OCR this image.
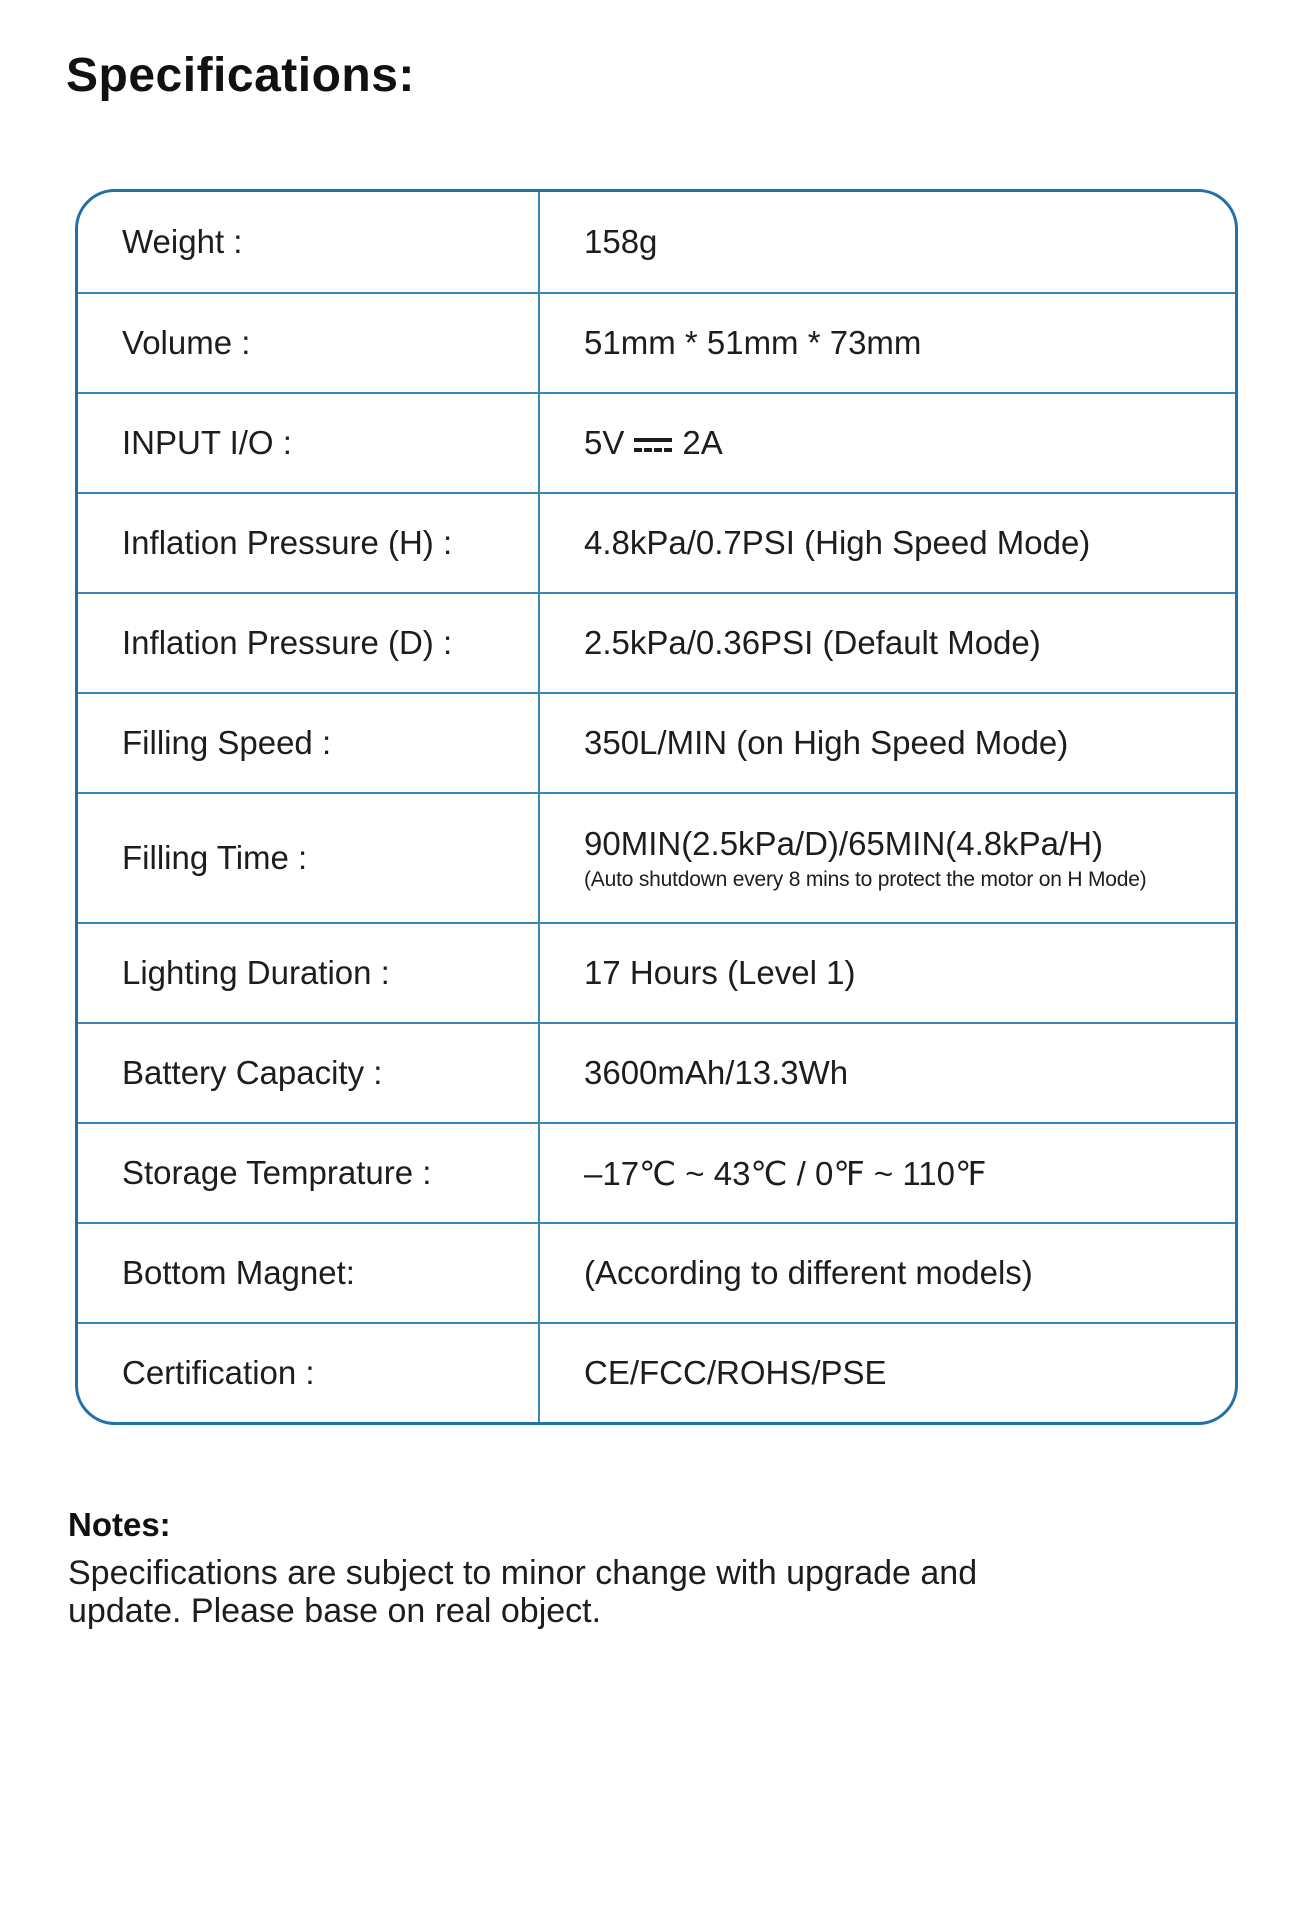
Specifications:
Weight :	158g
Volume :	51mm * 51mm * 73mm
INPUT I/O :	5V 2A
Inflation Pressure (H) :	4.8kPa/0.7PSI (High Speed Mode)
Inflation Pressure (D) :	2.5kPa/0.36PSI (Default Mode)
Filling Speed :	350L/MIN (on High Speed Mode)
Filling Time :	90MIN(2.5kPa/D)/65MIN(4.8kPa/H)
(Auto shutdown every 8 mins to protect the motor on H Mode)
Lighting Duration :	17 Hours (Level 1)
Battery Capacity :	3600mAh/13.3Wh
Storage Temprature :	–17℃ ~ 43℃ / 0℉ ~ 110℉
Bottom Magnet:	(According to different models)
Certification :	CE/FCC/ROHS/PSE
Notes:
Specifications are subject to minor change with upgrade and
update. Please base on real object.
